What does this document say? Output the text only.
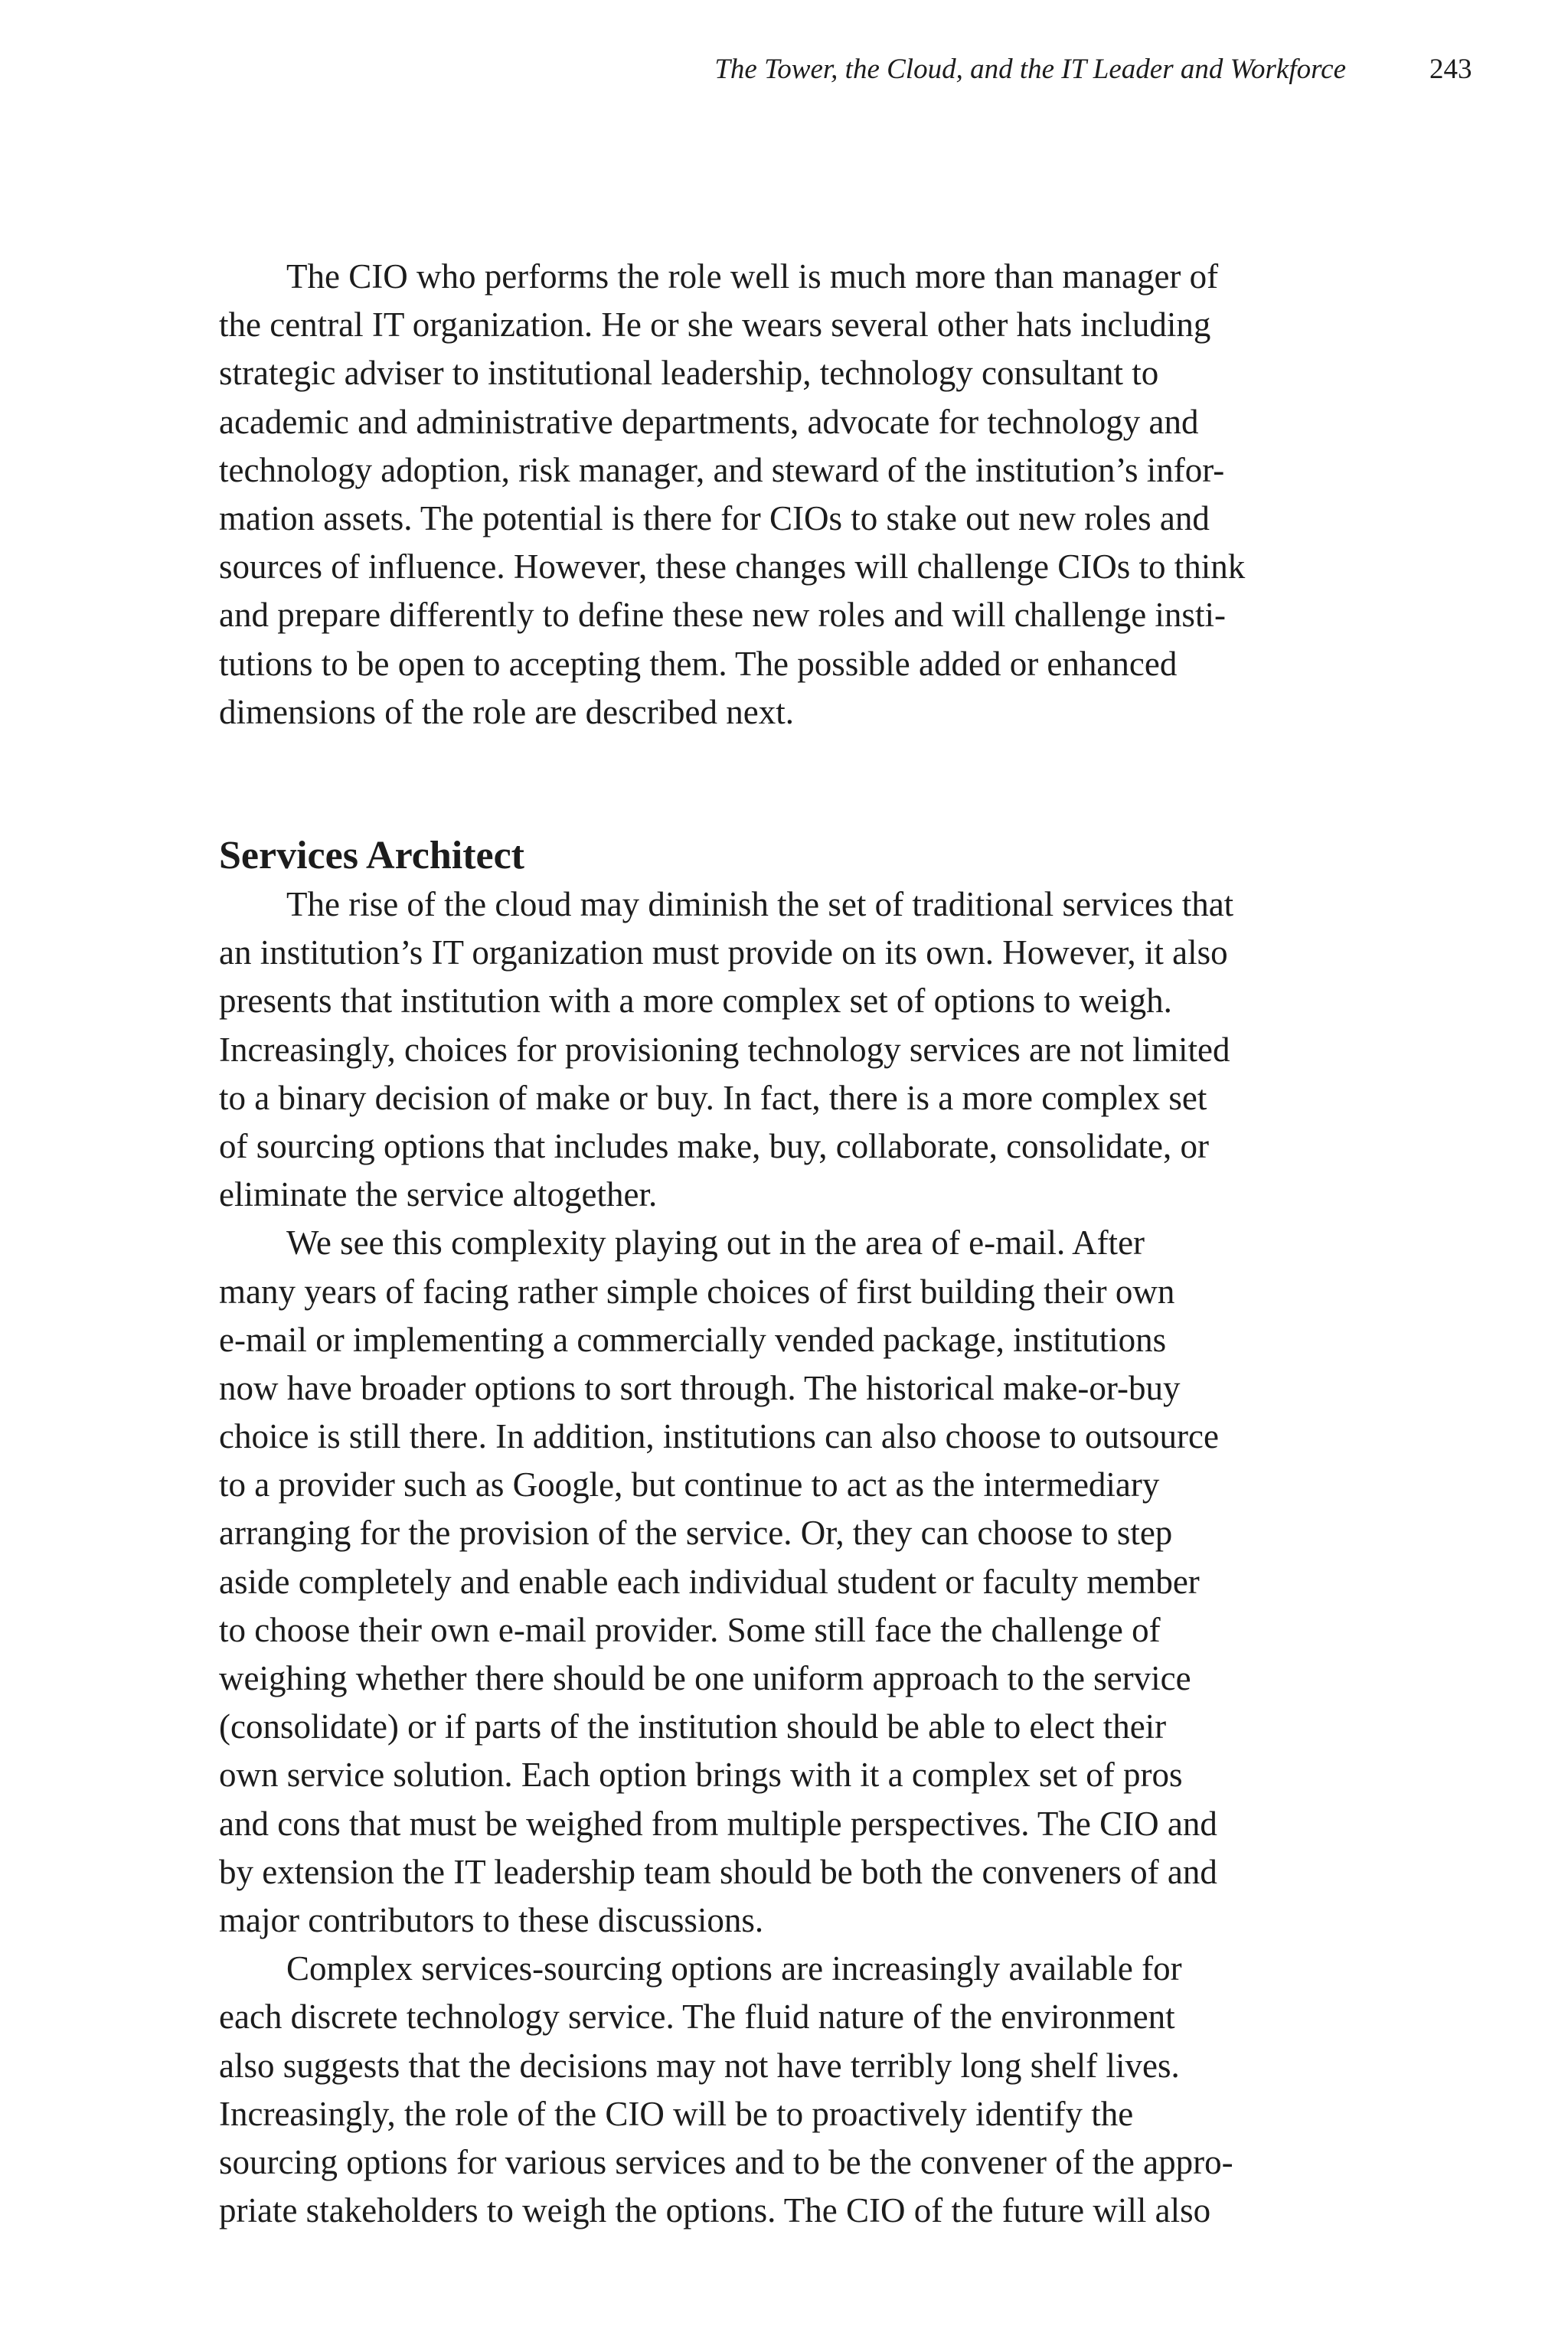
The Tower, the Cloud, and the IT Leader and Workforce	243
The CIO who performs the role well is much more than manager of
the central IT organization. He or she wears several other hats including
strategic adviser to institutional leadership, technology consultant to
academic and administrative departments, advocate for technology and
technology adoption, risk manager, and steward of the institution’s infor-
mation assets. The potential is there for CIOs to stake out new roles and
sources of influence. However, these changes will challenge CIOs to think
and prepare differently to define these new roles and will challenge insti-
tutions to be open to accepting them. The possible added or enhanced
dimensions of the role are described next.
Services Architect
The rise of the cloud may diminish the set of traditional services that
an institution’s IT organization must provide on its own. However, it also
presents that institution with a more complex set of options to weigh.
Increasingly, choices for provisioning technology services are not limited
to a binary decision of make or buy. In fact, there is a more complex set
of sourcing options that includes make, buy, collaborate, consolidate, or
eliminate the service altogether.
We see this complexity playing out in the area of e-mail. After
many years of facing rather simple choices of first building their own
e-mail or implementing a commercially vended package, institutions
now have broader options to sort through. The historical make-or-buy
choice is still there. In addition, institutions can also choose to outsource
to a provider such as Google, but continue to act as the intermediary
arranging for the provision of the service. Or, they can choose to step
aside completely and enable each individual student or faculty member
to choose their own e-mail provider. Some still face the challenge of
weighing whether there should be one uniform approach to the service
(consolidate) or if parts of the institution should be able to elect their
own service solution. Each option brings with it a complex set of pros
and cons that must be weighed from multiple perspectives. The CIO and
by extension the IT leadership team should be both the conveners of and
major contributors to these discussions.
Complex services-sourcing options are increasingly available for
each discrete technology service. The fluid nature of the environment
also suggests that the decisions may not have terribly long shelf lives.
Increasingly, the role of the CIO will be to proactively identify the
sourcing options for various services and to be the convener of the appro-
priate stakeholders to weigh the options. The CIO of the future will also
